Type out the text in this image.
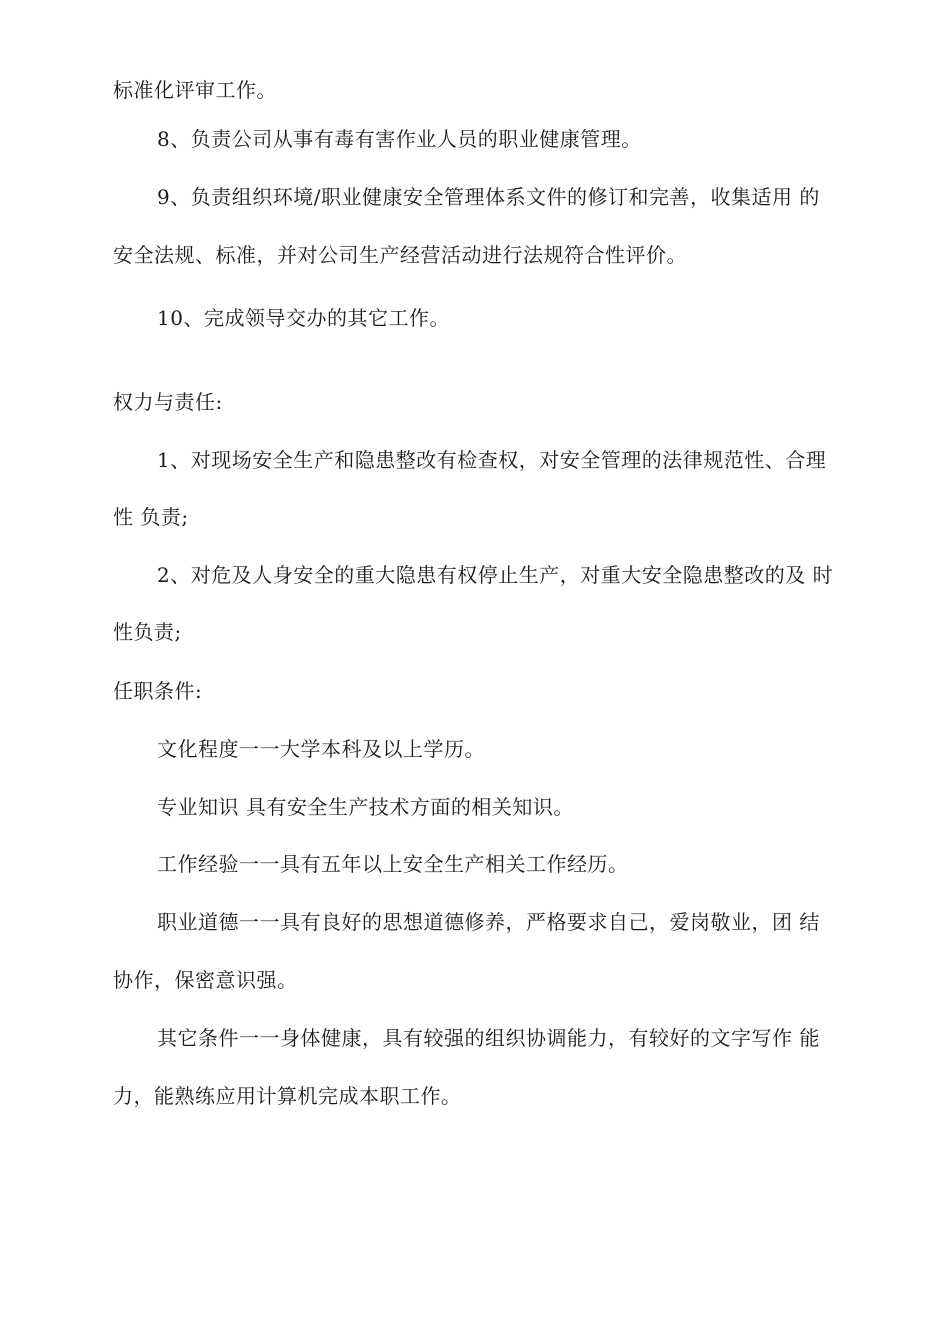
标准化评审工作。
8、负责公司从事有毒有害作业人员的职业健康管理。
9、负责组织环境/职业健康安全管理体系文件的修订和完善，收集适用 的
安全法规、标准，并对公司生产经营活动进行法规符合性评价。
10、完成领导交办的其它工作。
权力与责任:
1、对现场安全生产和隐患整改有检查权，对安全管理的法律规范性、合理
性 负责;
2、对危及人身安全的重大隐患有权停止生产，对重大安全隐患整改的及 时
性负责;
任职条件:
文化程度一一大学本科及以上学历。
专业知识 具有安全生产技术方面的相关知识。
工作经验一一具有五年以上安全生产相关工作经历。
职业道德一一具有良好的思想道德修养，严格要求自己，爱岗敬业，团 结
协作，保密意识强。
其它条件一一身体健康，具有较强的组织协调能力，有较好的文字写作 能
力，能熟练应用计算机完成本职工作。
